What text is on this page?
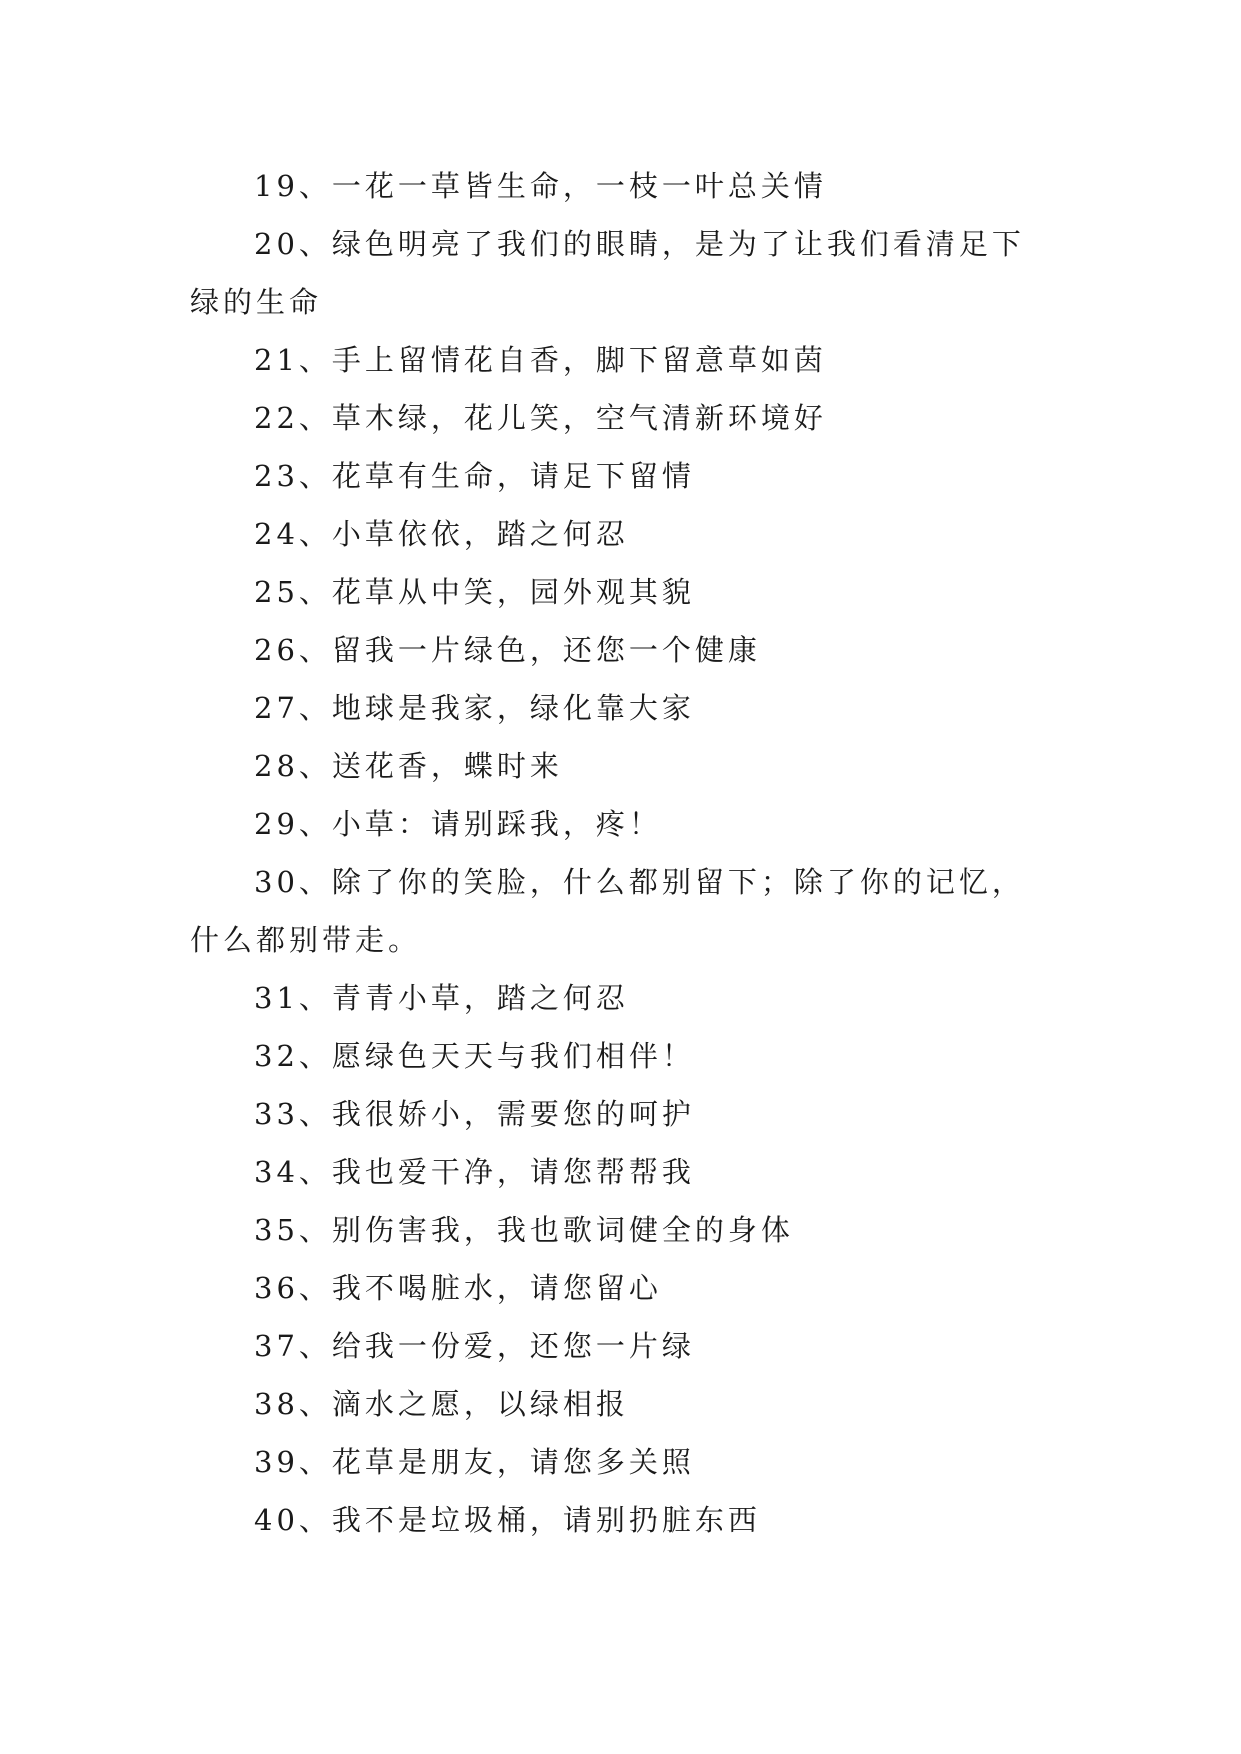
19、一花一草皆生命，一枝一叶总关情

20、绿色明亮了我们的眼睛，是为了让我们看清足下绿的生命

21、手上留情花自香，脚下留意草如茵

22、草木绿，花儿笑，空气清新环境好

23、花草有生命，请足下留情

24、小草依依，踏之何忍

25、花草从中笑，园外观其貌

26、留我一片绿色，还您一个健康

27、地球是我家，绿化靠大家

28、送花香，蝶时来

29、小草：请别踩我，疼！

30、除了你的笑脸，什么都别留下；除了你的记忆，什么都别带走。

31、青青小草，踏之何忍

32、愿绿色天天与我们相伴！

33、我很娇小，需要您的呵护

34、我也爱干净，请您帮帮我

35、别伤害我，我也歌词健全的身体

36、我不喝脏水，请您留心

37、给我一份爱，还您一片绿

38、滴水之愿，以绿相报

39、花草是朋友，请您多关照

40、我不是垃圾桶，请别扔脏东西
